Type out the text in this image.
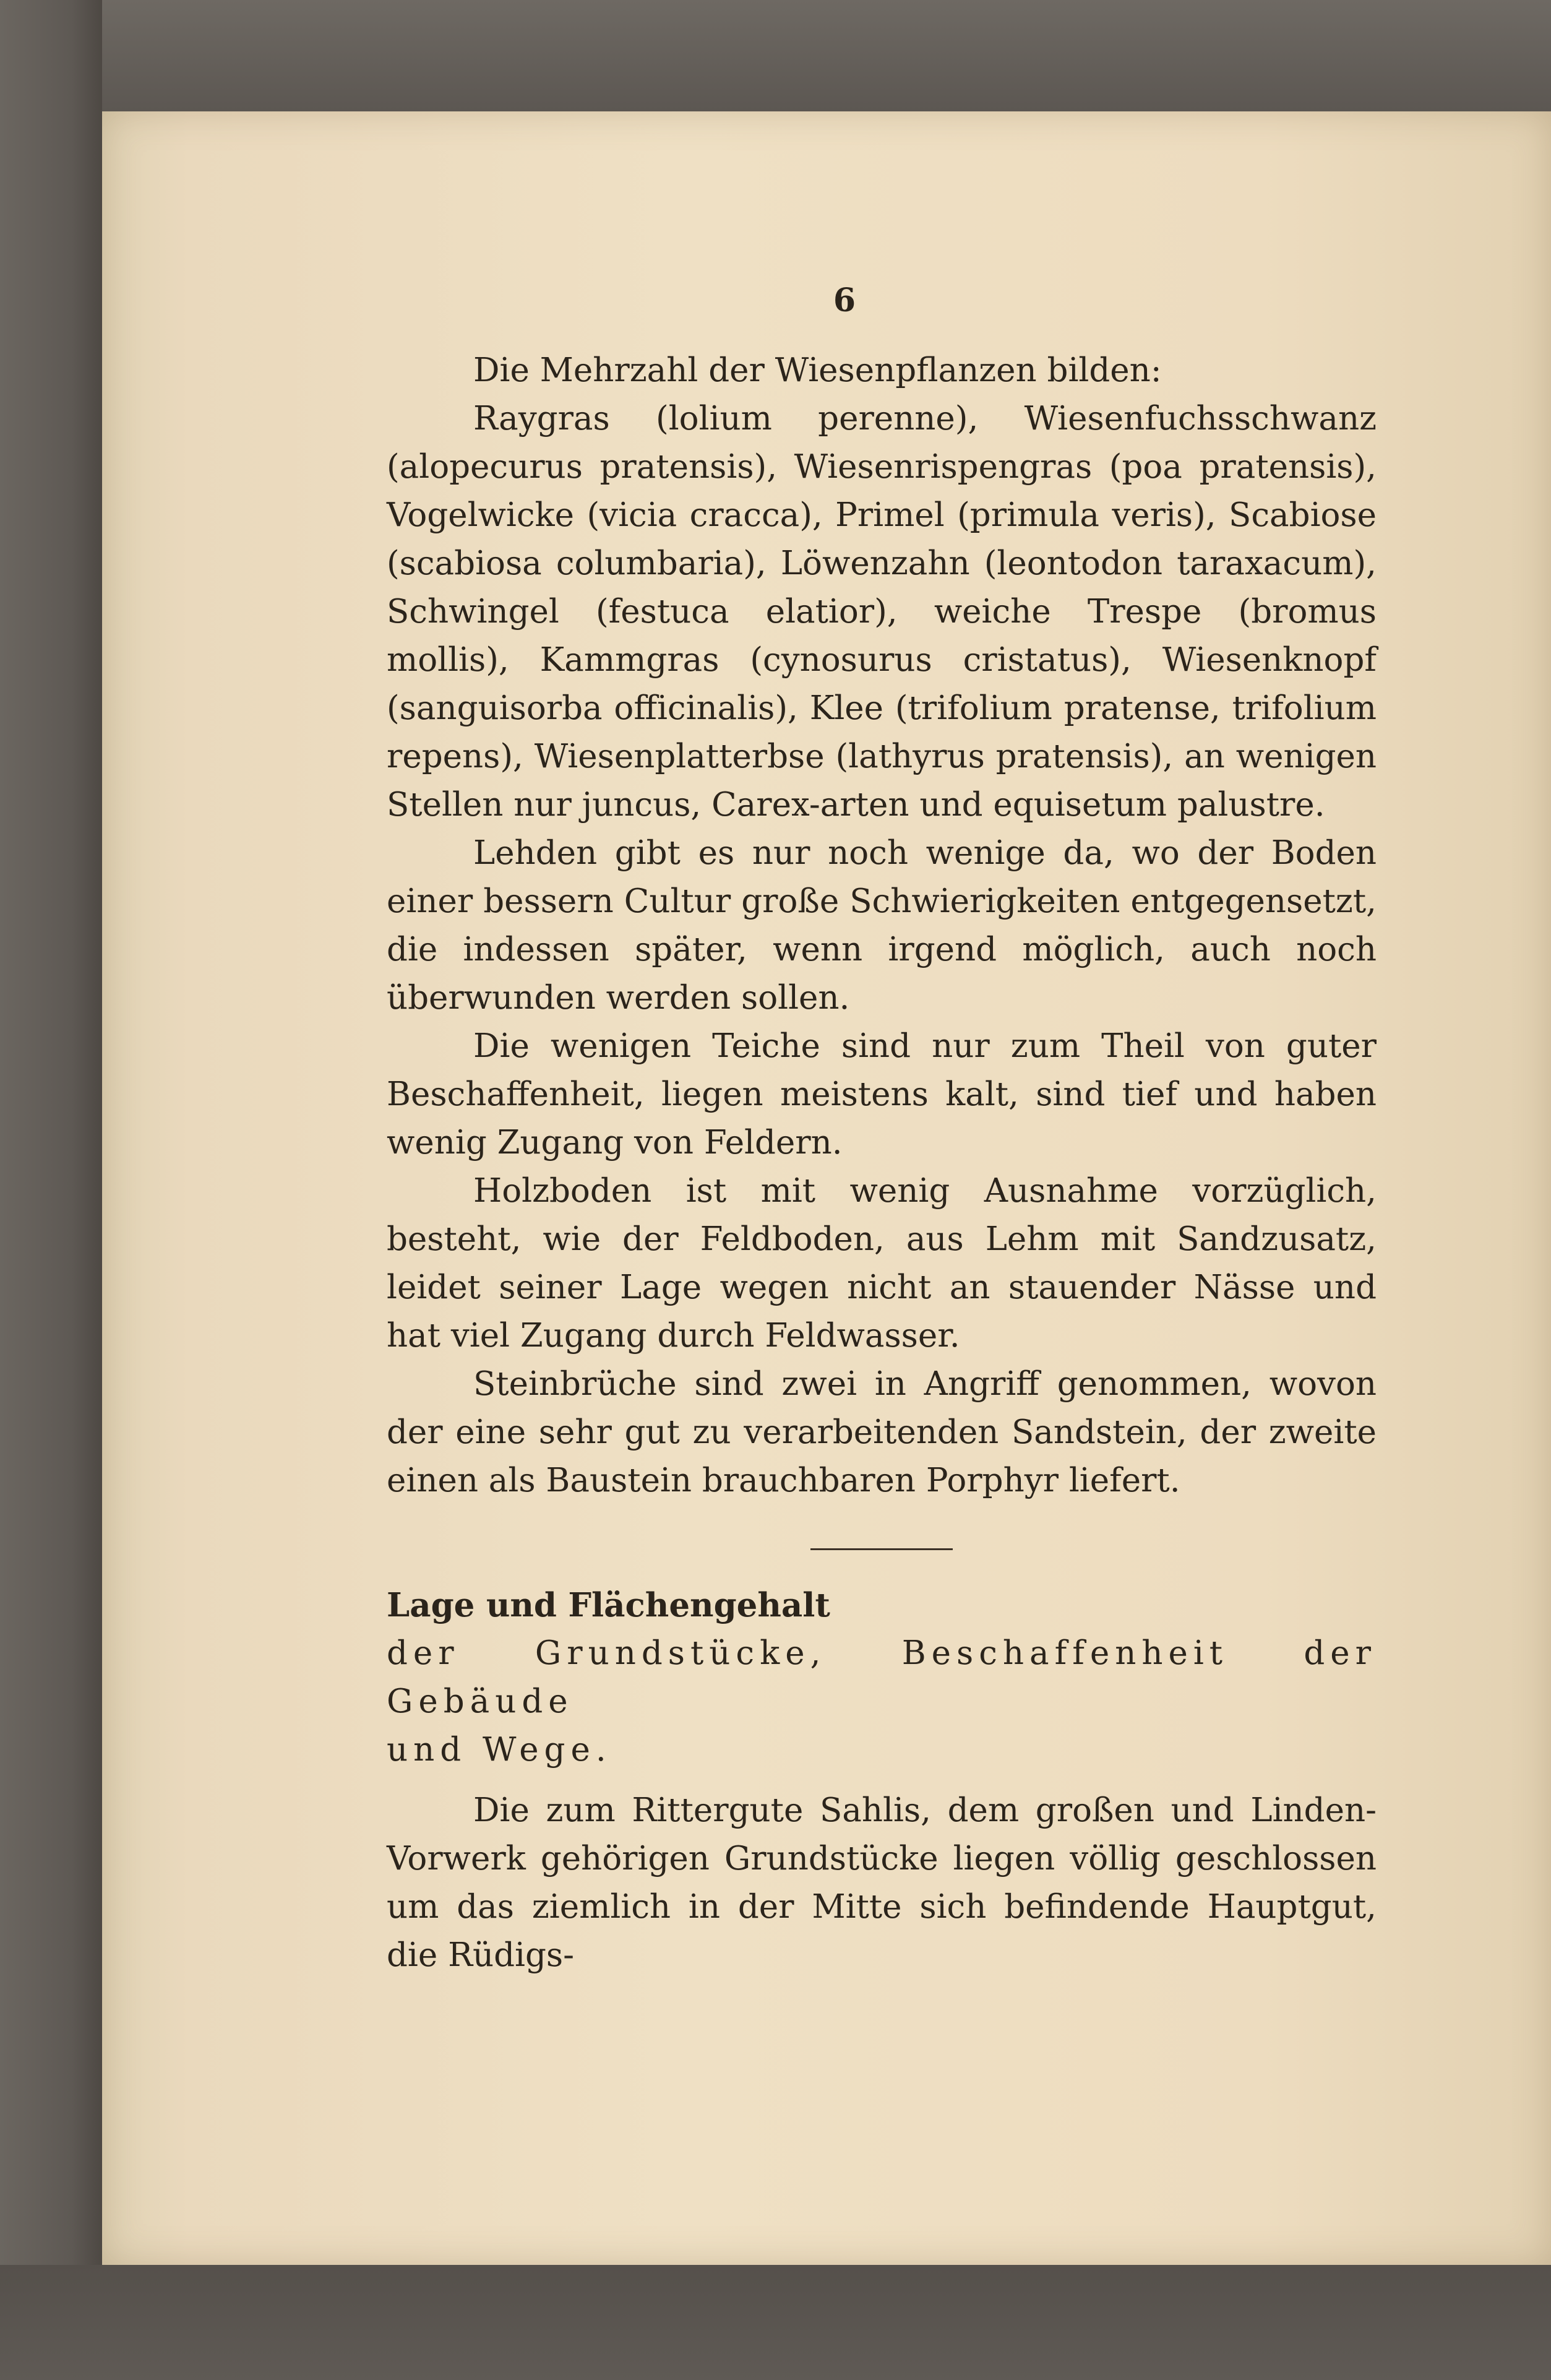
6

Die Mehrzahl der Wiesenpflanzen bilden:

Raygras (lolium perenne), Wiesenfuchsschwanz (alopecurus pratensis), Wiesenrispengras (poa pratensis), Vogelwicke (vicia cracca), Primel (primula veris), Scabiose (scabiosa columbaria), Löwenzahn (leontodon taraxacum), Schwingel (festuca elatior), weiche Trespe (bromus mollis), Kammgras (cynosurus cristatus), Wiesenknopf (sanguisorba officinalis), Klee (trifolium pratense, trifolium repens), Wiesenplatterbse (lathyrus pratensis), an wenigen Stellen nur juncus, Carex-arten und equisetum palustre.

Lehden gibt es nur noch wenige da, wo der Boden einer bessern Cultur große Schwierigkeiten entgegensetzt, die indessen später, wenn irgend möglich, auch noch überwunden werden sollen.

Die wenigen Teiche sind nur zum Theil von guter Beschaffenheit, liegen meistens kalt, sind tief und haben wenig Zugang von Feldern.

Holzboden ist mit wenig Ausnahme vorzüglich, besteht, wie der Feldboden, aus Lehm mit Sandzusatz, leidet seiner Lage wegen nicht an stauender Nässe und hat viel Zugang durch Feldwasser.

Steinbrüche sind zwei in Angriff genommen, wovon der eine sehr gut zu verarbeitenden Sandstein, der zweite einen als Baustein brauchbaren Porphyr liefert.

Lage und Flächengehalt

der Grundstücke, Beschaffenheit der Gebäude

und Wege.

Die zum Rittergute Sahlis, dem großen und Linden-Vorwerk gehörigen Grundstücke liegen völlig geschlossen um das ziemlich in der Mitte sich befindende Hauptgut, die Rüdigs-
